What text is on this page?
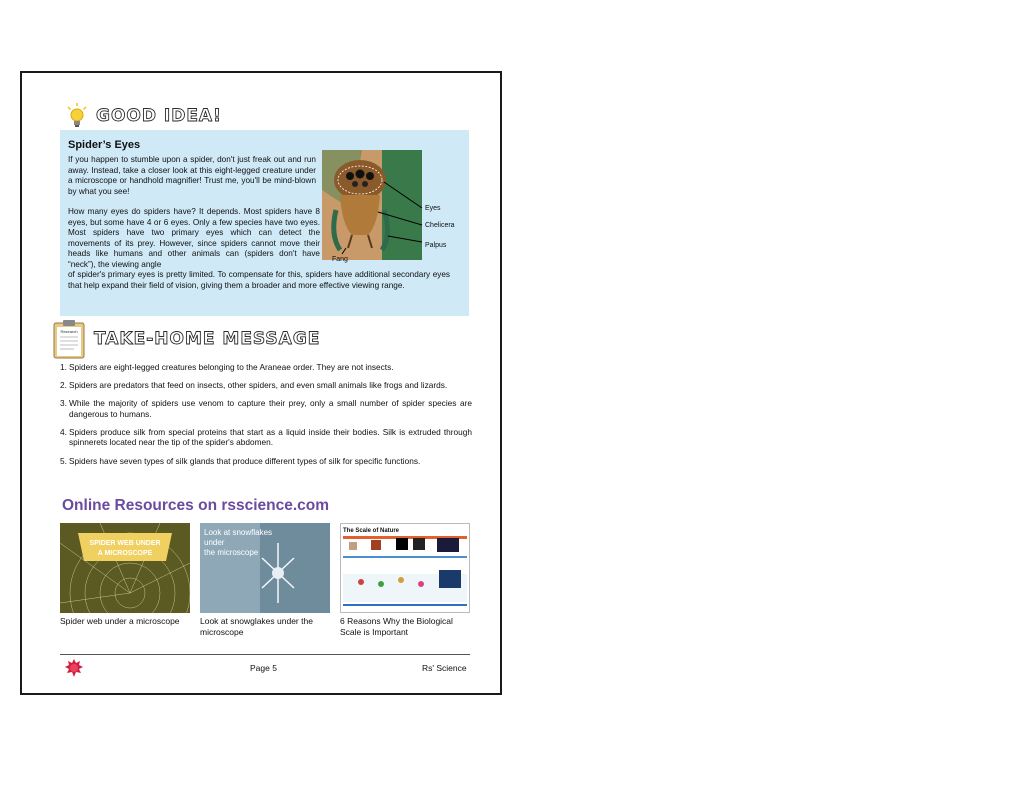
GOOD IDEA!
Spider’s Eyes
If you happen to stumble upon a spider, don't just freak out and run away. Instead, take a closer look at this eight-legged creature under a microscope or handhold magnifier! Trust me, you'll be mind-blown by what you see!
How many eyes do spiders have? It depends. Most spiders have 8 eyes, but some have 4 or 6 eyes. Only a few species have two eyes. Most spiders have two primary eyes which can detect the movements of its prey. However, since spiders cannot move their heads like humans and other animals can (spiders don't have “neck”), the viewing angle
of spider's primary eyes is pretty limited. To compensate for this, spiders have additional secondary eyes that help expand their field of vision, giving them a broader and more effective viewing range.
Eyes
Chelicera
Palpus
Fang
Research TAKE-HOME MESSAGE
1. Spiders are eight-legged creatures belonging to the Araneae order. They are not insects.
2. Spiders are predators that feed on insects, other spiders, and even small animals like frogs and lizards.
3. While the majority of spiders use venom to capture their prey, only a small number of spider species are dangerous to humans.
4. Spiders produce silk from special proteins that start as a liquid inside their bodies. Silk is extruded through spinnerets located near the tip of the spider's abdomen.
5. Spiders have seven types of silk glands that produce different types of silk for specific functions.
Online Resources on rsscience.com
SPIDER WEB UNDER
A MICROSCOPE
Look at snowflakes
under
the microscope
The Scale of Nature
Spider web under a microscope	Look at snowglakes under the microscope
6 Reasons Why the Biological Scale is Important
Page 5	Rs' Science
